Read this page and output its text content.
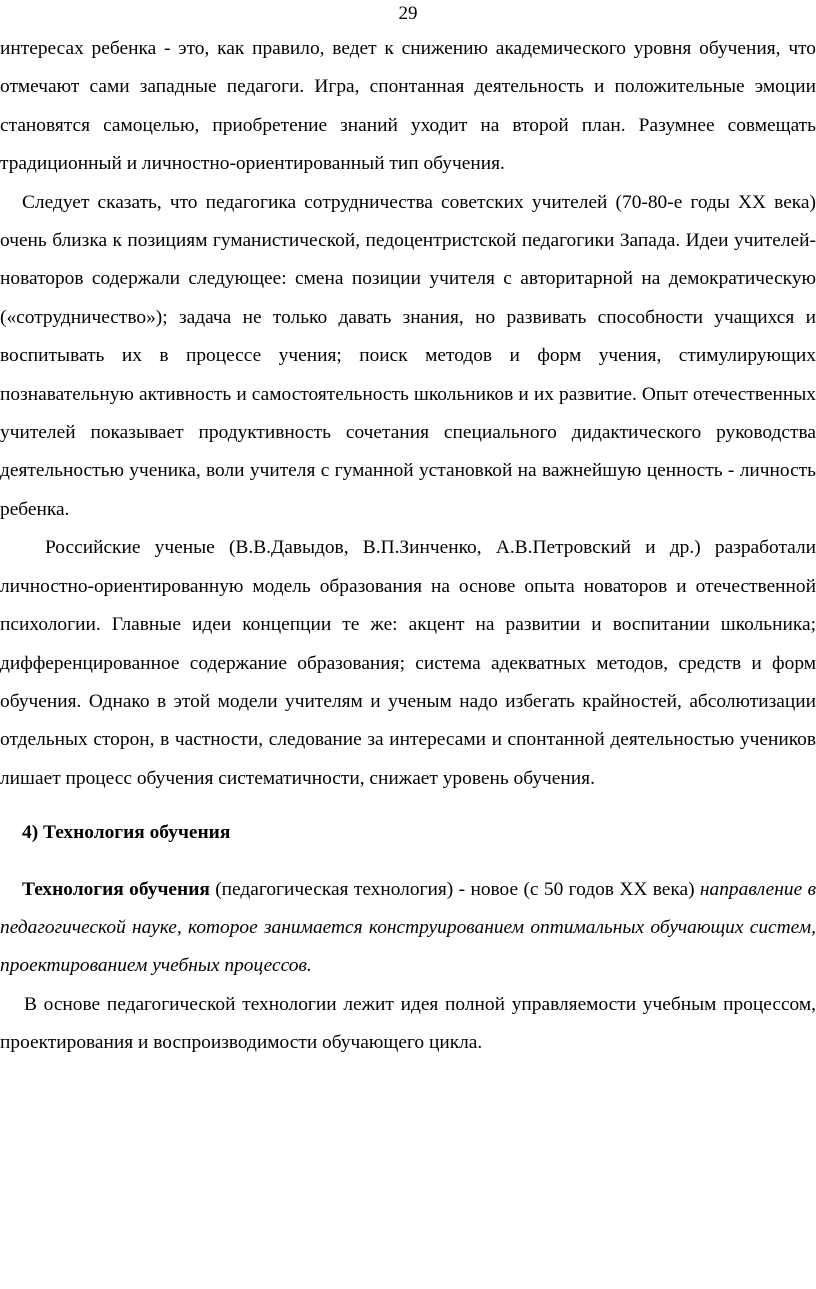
29

интересах ребенка - это, как правило, ведет к снижению академического уровня обучения, что отмечают сами западные педагоги. Игра, спонтанная деятельность и положительные эмоции становятся самоцелью, приобретение знаний уходит на второй план. Разумнее совмещать традиционный и личностно-ориентированный тип обучения.

Следует сказать, что педагогика сотрудничества советских учителей (70-80-е годы XX века) очень близка к позициям гуманистической, педоцентристской педагогики Запада. Идеи учителей-новаторов содержали следующее: смена позиции учителя с авторитарной на демократическую («сотрудничество»); задача не только давать знания, но развивать способности учащихся и воспитывать их в процессе учения; поиск методов и форм учения, стимулирующих познавательную активность и самостоятельность школьников и их развитие. Опыт отечественных учителей показывает продуктивность сочетания специального дидактического руководства деятельностью ученика, воли учителя с гуманной установкой на важнейшую ценность - личность ребенка.

Российские ученые (В.В.Давыдов, В.П.Зинченко, А.В.Петровский и др.) разработали личностно-ориентированную модель образования на основе опыта новаторов и отечественной психологии. Главные идеи концепции те же: акцент на развитии и воспитании школьника; дифференцированное содержание образования; система адекватных методов, средств и форм обучения. Однако в этой модели учителям и ученым надо избегать крайностей, абсолютизации отдельных сторон, в частности, следование за интересами и спонтанной деятельностью учеников лишает процесс обучения систематичности, снижает уровень обучения.

4) Технология обучения

Технология обучения (педагогическая технология) - новое (с 50 годов XX века) направление в педагогической науке, которое занимается конструированием оптимальных обучающих систем, проектированием учебных процессов.

В основе педагогической технологии лежит идея полной управляемости учебным процессом, проектирования и воспроизводимости обучающего цикла.
